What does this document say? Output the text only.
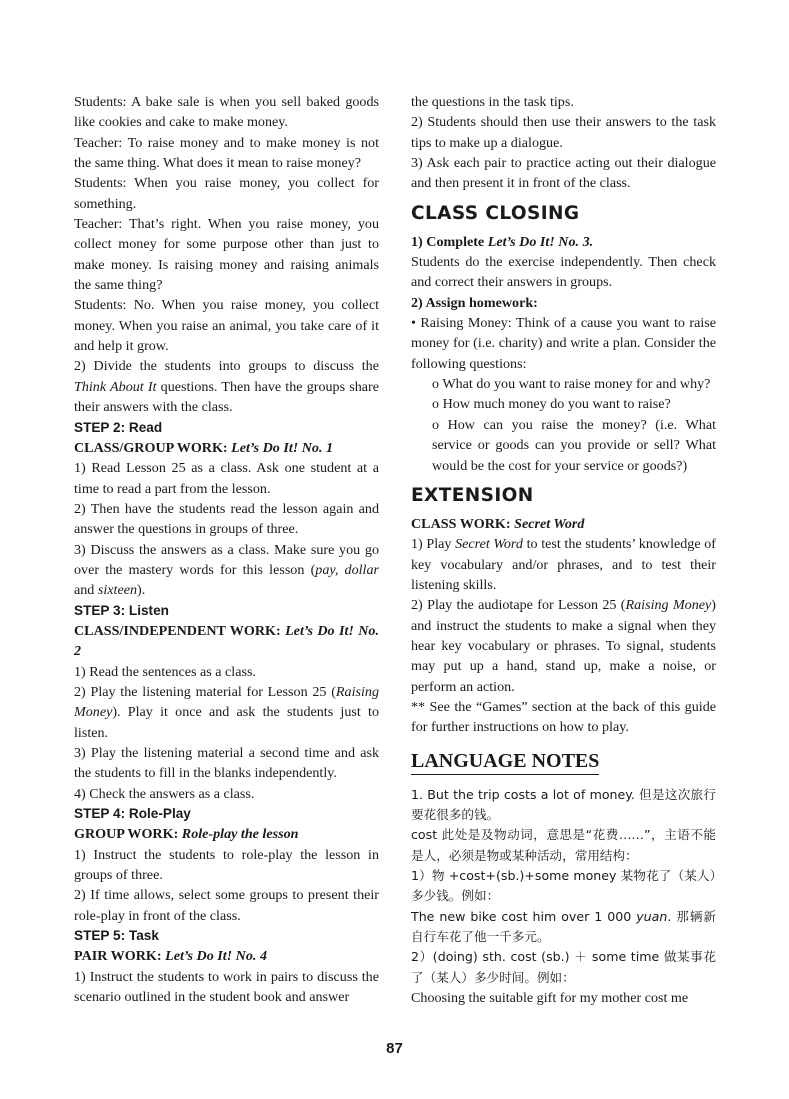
Students: A bake sale is when you sell baked goods like cookies and cake to make money.

Teacher: To raise money and to make money is not the same thing. What does it mean to raise money?

Students: When you raise money, you collect for something.

Teacher: That’s right. When you raise money, you collect money for some purpose other than just to make money. Is raising money and raising animals the same thing?

Students: No. When you raise money, you collect money. When you raise an animal, you take care of it and help it grow.

2) Divide the students into groups to discuss the Think About It questions. Then have the groups share their answers with the class.

STEP 2: Read

CLASS/GROUP WORK: Let’s Do It! No. 1

1) Read Lesson 25 as a class. Ask one student at a time to read a part from the lesson.

2) Then have the students read the lesson again and answer the questions in groups of three.

3) Discuss the answers as a class. Make sure you go over the mastery words for this lesson (pay, dollar and sixteen).

STEP 3: Listen

CLASS/INDEPENDENT WORK: Let’s Do It! No. 2

1) Read the sentences as a class.

2) Play the listening material for Lesson 25 (Raising Money). Play it once and ask the students just to listen.

3) Play the listening material a second time and ask the students to fill in the blanks independently.

4) Check the answers as a class.

STEP 4: Role-Play

GROUP WORK: Role-play the lesson

1) Instruct the students to role-play the lesson in groups of three.

2) If time allows, select some groups to present their role-play in front of the class.

STEP 5: Task

PAIR WORK: Let’s Do It! No. 4

1) Instruct the students to work in pairs to discuss the scenario outlined in the student book and answer

the questions in the task tips.

2) Students should then use their answers to the task tips to make up a dialogue.

3) Ask each pair to practice acting out their dialogue and then present it in front of the class.

CLASS CLOSING

1) Complete Let’s Do It! No. 3.

Students do the exercise independently. Then check and correct their answers in groups.

2) Assign homework:

• Raising Money: Think of a cause you want to raise money for (i.e. charity) and write a plan. Consider the following questions:

o What do you want to raise money for and why?

o How much money do you want to raise?

o How can you raise the money? (i.e. What service or goods can you provide or sell? What would be the cost for your service or goods?)

EXTENSION

CLASS WORK: Secret Word

1) Play Secret Word to test the students’ knowledge of key vocabulary and/or phrases, and to test their listening skills.

2) Play the audiotape for Lesson 25 (Raising Money) and instruct the students to make a signal when they hear key vocabulary or phrases. To signal, students may put up a hand, stand up, make a noise, or perform an action.

** See the “Games” section at the back of this guide for further instructions on how to play.

LANGUAGE NOTES

1. But the trip costs a lot of money. 但是这次旅行要花很多的钱。

cost 此处是及物动词，意思是“花费……”，主语不能是人，必须是物或某种活动，常用结构：

1）物 +cost+(sb.)+some money 某物花了（某人）多少钱。例如：

The new bike cost him over 1 000 yuan. 那辆新自行车花了他一千多元。

2）(doing) sth. cost (sb.) ＋ some time 做某事花了（某人）多少时间。例如：

Choosing the suitable gift for my mother cost me

87
